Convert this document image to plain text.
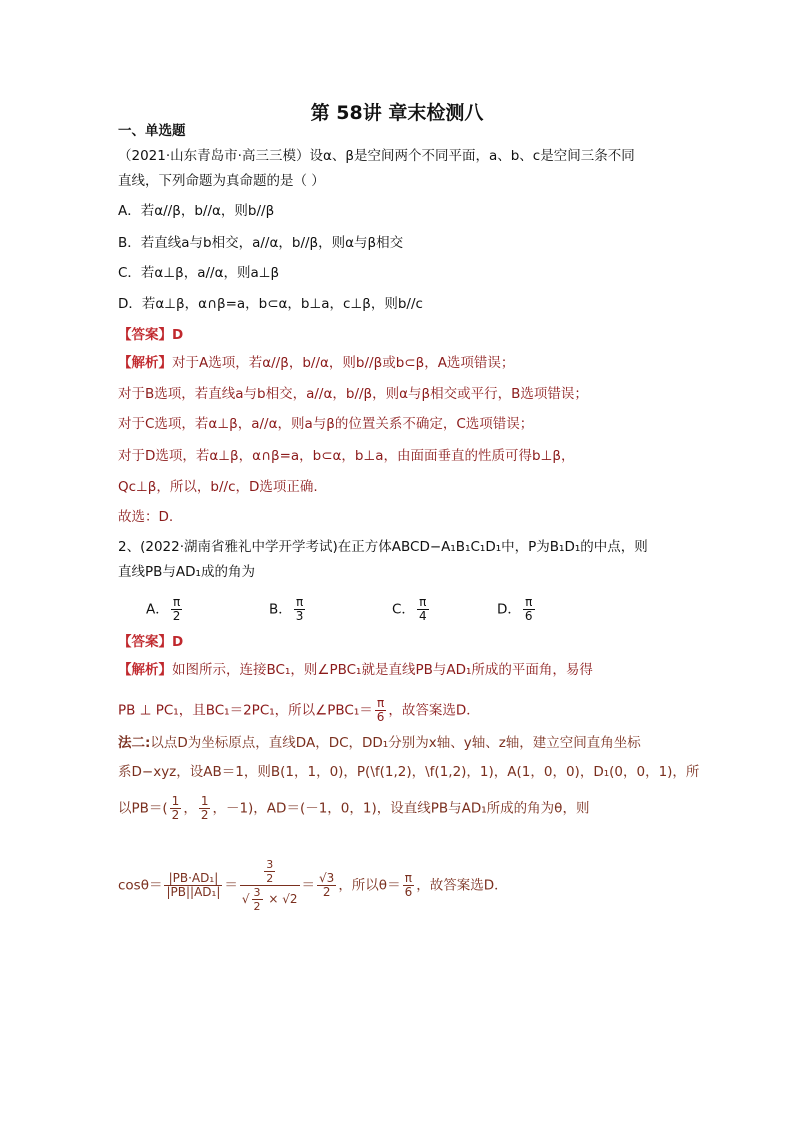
第 58讲 章末检测八
一、单选题
（2021·山东青岛市·高三三模）设α、β是空间两个不同平面，a、b、c是空间三条不同
直线，下列命题为真命题的是（ ）
A．若α//β，b//α，则b//β
B．若直线a与b相交，a//α，b//β，则α与β相交
C．若α⊥β，a//α，则a⊥β
D．若α⊥β，α∩β=a，b⊂α，b⊥a，c⊥β，则b//c
【答案】D
【解析】对于A选项，若α//β，b//α，则b//β或b⊂β，A选项错误；
对于B选项，若直线a与b相交，a//α，b//β，则α与β相交或平行，B选项错误；
对于C选项，若α⊥β，a//α，则a与β的位置关系不确定，C选项错误；
对于D选项，若α⊥β，α∩β=a，b⊂α，b⊥a，由面面垂直的性质可得b⊥β，
Qc⊥β，所以，b//c，D选项正确.
故选：D.
2、(2022·湖南省雅礼中学开学考试)在正方体ABCD−A₁B₁C₁D₁中，P为B₁D₁的中点，则
直线PB与AD₁成的角为
A． $\frac{\pi}{2}$	B． $\frac{\pi}{3}$	C． $\frac{\pi}{4}$	D． $\frac{\pi}{6}$
【答案】D
【解析】如图所示，连接BC₁，则∠PBC₁就是直线PB与AD₁所成的平面角，易得
PB ⊥ PC₁，且BC₁＝2PC₁，所以∠PBC₁＝ $\frac{\pi}{6}$ ，故答案选D．
法二:以点D为坐标原点，直线DA，DC，DD₁分别为x轴、y轴、z轴，建立空间直角坐标
系D−xyz，设AB＝1，则B(1，1，0)，P(\f(1,2)，\f(1,2)，1)，A(1，0，0)，D₁(0，0，1)，所
以$PB=( \frac{1}{2}$ ， $\frac{1}{2}$ ，－1)，AD＝(－1，0，1)，设直线PB与AD₁所成的角为θ，则
$\cos\theta= \frac{\text{|PB·AD₁|}}{\text{|PB||AD₁|}} = \frac{\frac{3}{2}}{√ \frac{3}{2} \times √2} = \frac{√3}{2}$ ，所以$\theta= \frac{\pi}{6}$ ，故答案选D．
